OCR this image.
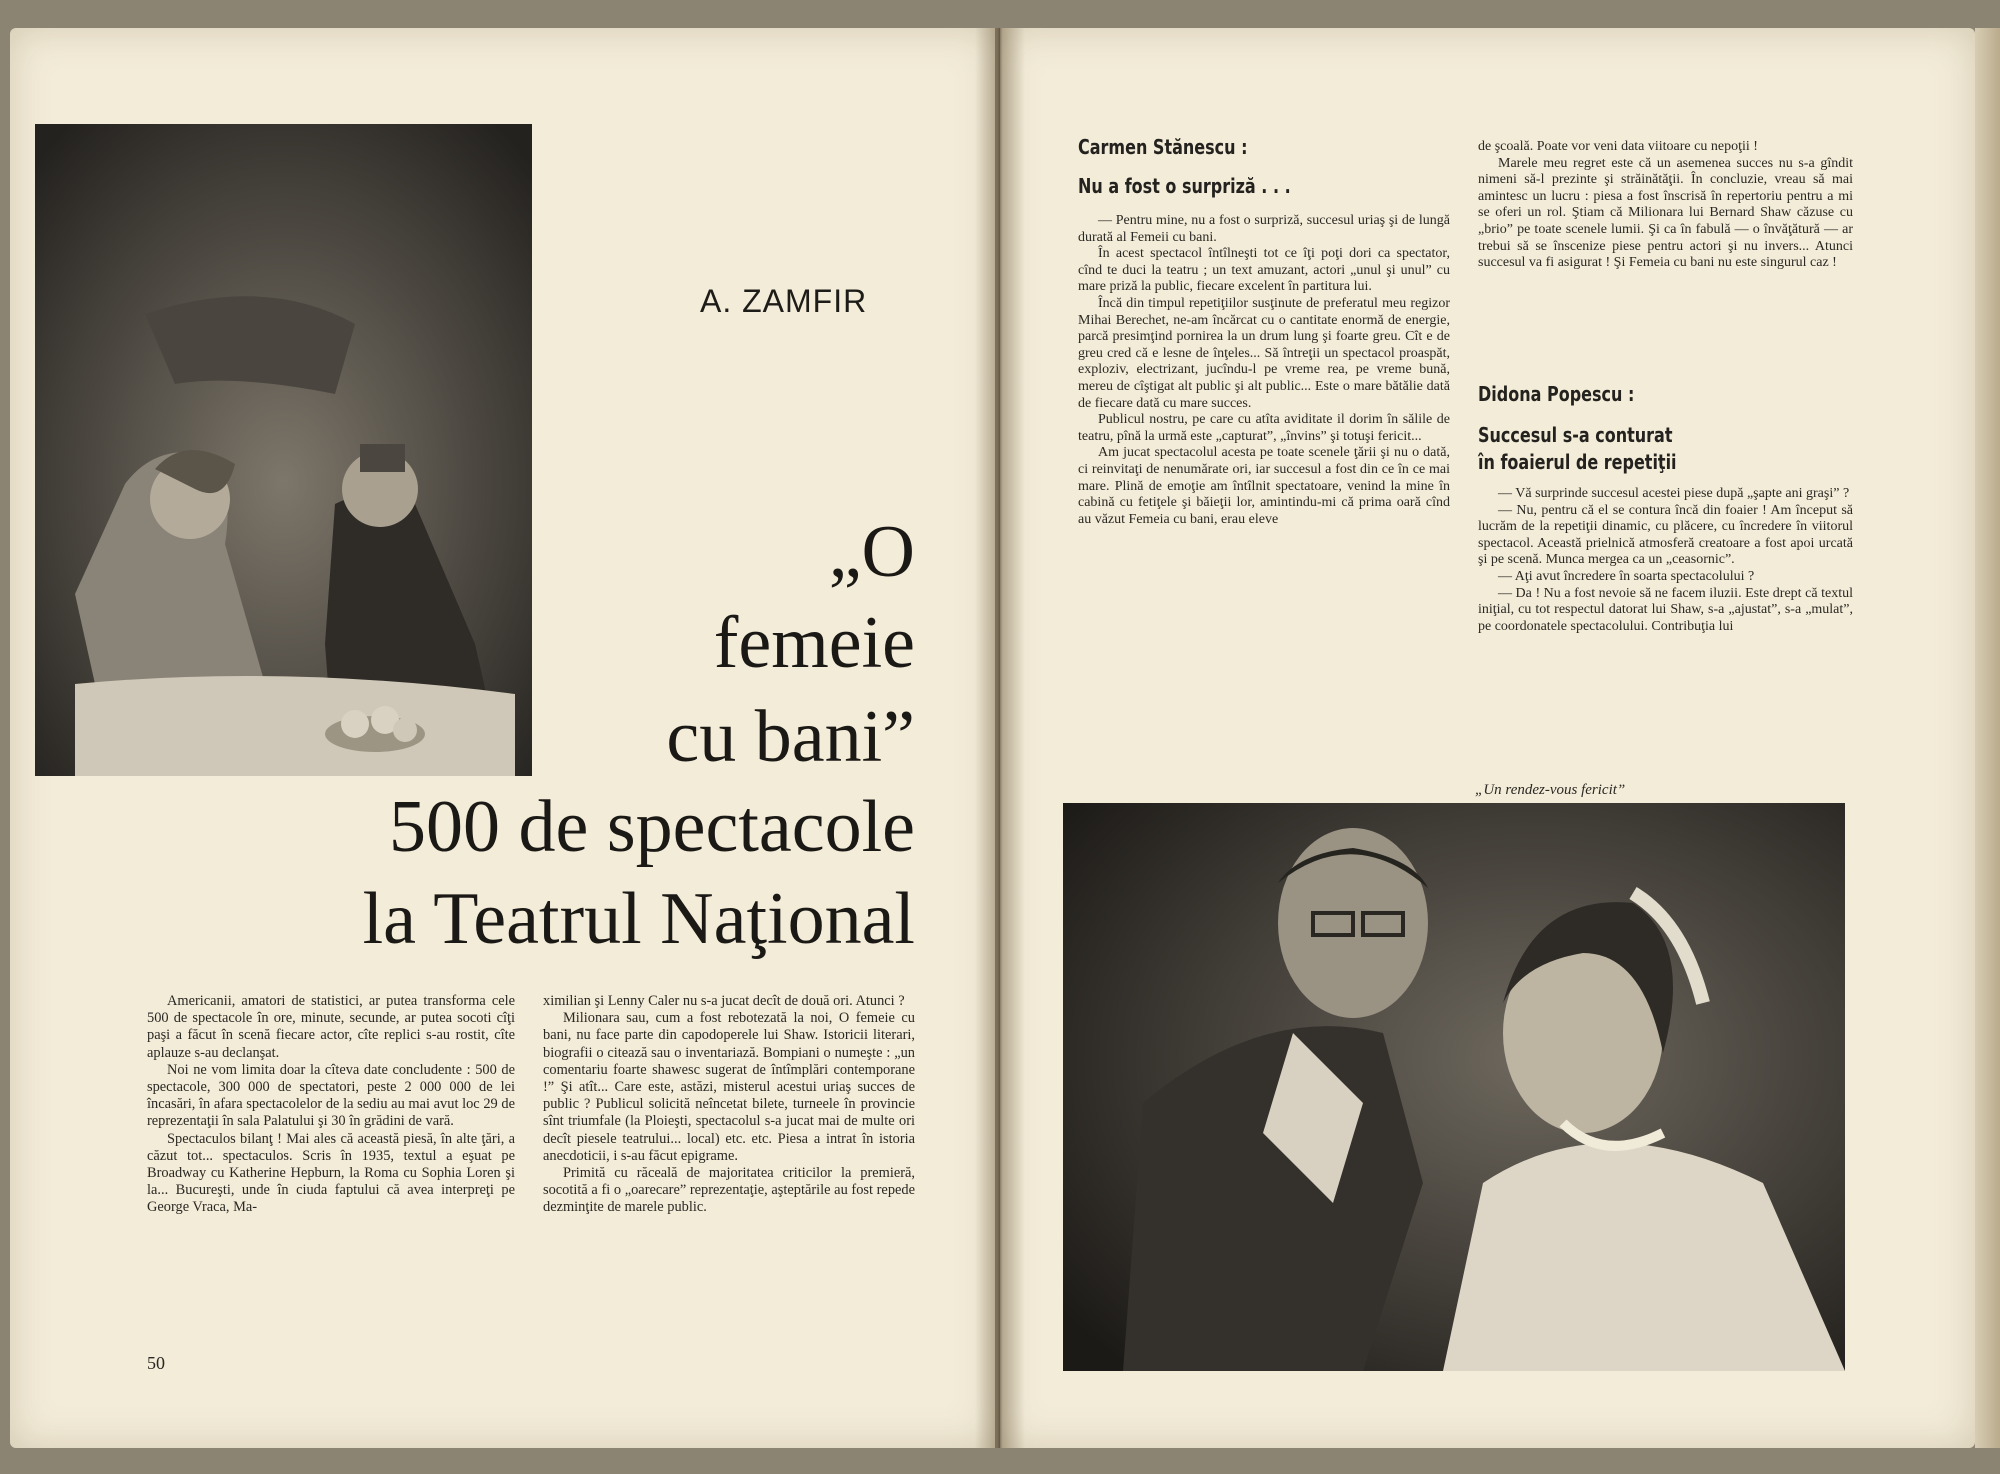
A. ZAMFIR
„O
femeie
cu bani”
500 de spectacole
la Teatrul Naţional

Americanii, amatori de statistici, ar putea transforma cele 500 de spectacole în ore, minute, secunde, ar putea socoti cîţi paşi a făcut în scenă fiecare actor, cîte replici s-au rostit, cîte aplauze s-au declanşat.

Noi ne vom limita doar la cîteva date concludente : 500 de spectacole, 300 000 de spectatori, peste 2 000 000 de lei încasări, în afara spectacolelor de la sediu au mai avut loc 29 de reprezentaţii în sala Palatului şi 30 în grădini de vară.

Spectaculos bilanţ ! Mai ales că această piesă, în alte ţări, a căzut tot... spectaculos. Scris în 1935, textul a eşuat pe Broadway cu Katherine Hepburn, la Roma cu Sophia Loren şi la... Bucureşti, unde în ciuda faptului că avea interpreţi pe George Vraca, Ma-

ximilian şi Lenny Caler nu s-a jucat decît de două ori. Atunci ?

Milionara sau, cum a fost rebotezată la noi, O femeie cu bani, nu face parte din capodoperele lui Shaw. Istoricii literari, biografii o citează sau o inventariază. Bompiani o numeşte : „un comentariu foarte shawesc sugerat de întîmplări contemporane !” Şi atît... Care este, astăzi, misterul acestui uriaş succes de public ? Publicul solicită neîncetat bilete, turneele în provincie sînt triumfale (la Ploieşti, spectacolul s-a jucat mai de multe ori decît piesele teatrului... local) etc. etc. Piesa a intrat în istoria anecdoticii, i s-au făcut epigrame.

Primită cu răceală de majoritatea criticilor la premieră, socotită a fi o „oarecare” reprezentaţie, aşteptările au fost repede dezminţite de marele public.

50
Carmen Stănescu :
Nu a fost o surpriză . . .

— Pentru mine, nu a fost o surpriză, succesul uriaş şi de lungă durată al Femeii cu bani.

În acest spectacol întîlneşti tot ce îţi poţi dori ca spectator, cînd te duci la teatru ; un text amuzant, actori „unul şi unul” cu mare priză la public, fiecare excelent în partitura lui.

Încă din timpul repetiţiilor susţinute de preferatul meu regizor Mihai Berechet, ne-am încărcat cu o cantitate enormă de energie, parcă presimţind pornirea la un drum lung şi foarte greu. Cît e de greu cred că e lesne de înţeles... Să întreţii un spectacol proaspăt, exploziv, electrizant, jucîndu-l pe vreme rea, pe vreme bună, mereu de cîştigat alt public şi alt public... Este o mare bătălie dată de fiecare dată cu mare succes.

Publicul nostru, pe care cu atîta aviditate il dorim în sălile de teatru, pînă la urmă este „capturat”, „învins” şi totuşi fericit...

Am jucat spectacolul acesta pe toate scenele ţării şi nu o dată, ci reinvitaţi de nenumărate ori, iar succesul a fost din ce în ce mai mare. Plină de emoţie am întîlnit spectatoare, venind la mine în cabină cu fetiţele şi băieţii lor, amintindu-mi că prima oară cînd au văzut Femeia cu bani, erau eleve

de şcoală. Poate vor veni data viitoare cu nepoţii !

Marele meu regret este că un asemenea succes nu s-a gîndit nimeni să-l prezinte şi străinătăţii. În concluzie, vreau să mai amintesc un lucru : piesa a fost înscrisă în repertoriu pentru a mi se oferi un rol. Ştiam că Milionara lui Bernard Shaw căzuse cu „brio” pe toate scenele lumii. Şi ca în fabulă — o învăţătură — ar trebui să se înscenize piese pentru actori şi nu invers... Atunci succesul va fi asigurat ! Şi Femeia cu bani nu este singurul caz !

Didona Popescu :
Succesul s-a conturat
în foaierul de repetiţii

— Vă surprinde succesul acestei piese după „şapte ani graşi” ?

— Nu, pentru că el se contura încă din foaier ! Am început să lucrăm de la repetiţii dinamic, cu plăcere, cu încredere în viitorul spectacol. Această prielnică atmosferă creatoare a fost apoi urcată şi pe scenă. Munca mergea ca un „ceasornic”.

— Aţi avut încredere în soarta spectacolului ?

— Da ! Nu a fost nevoie să ne facem iluzii. Este drept că textul iniţial, cu tot respectul datorat lui Shaw, s-a „ajustat”, s-a „mulat”, pe coordonatele spectacolului. Contribuţia lui

„Un rendez-vous fericit”
